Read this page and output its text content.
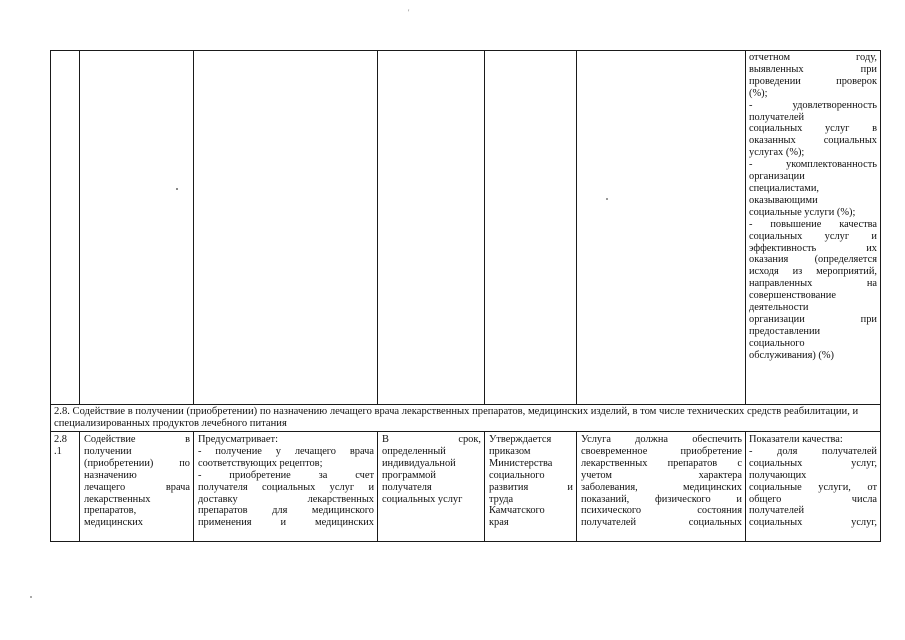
'
отчетном году,
выявленных при
проведении проверок
(%);
- удовлетворенность
получателей
социальных услуг в
оказанных социальных
услугах (%);
- укомплектованность
организации
специалистами,
оказывающими
социальные услуги (%);
- повышение качества
социальных услуг и
эффективность их
оказания (определяется
исходя из мероприятий,
направленных на
совершенствование
деятельности
организации при
предоставлении
социального
обслуживания) (%)
2.8. Содействие в получении (приобретении) по назначению лечащего врача лекарственных препаратов, медицинских изделий, в том числе технических средств реабилитации, и специализированных продуктов лечебного питания
2.8
.1
Содействие в
получении
(приобретении) по
назначению
лечащего врача
лекарственных
препаратов,
медицинских
Предусматривает:
- получение у лечащего врача
соответствующих рецептов;
- приобретение за счет
получателя социальных услуг и
доставку лекарственных
препаратов для медицинского
применения и медицинских
В срок,
определенный
индивидуальной
программой
получателя
социальных услуг
Утверждается
приказом
Министерства
социального
развития и
труда
Камчатского
края
Услуга должна обеспечить
своевременное приобретение
лекарственных препаратов с
учетом характера
заболевания, медицинских
показаний, физического и
психического состояния
получателей социальных
Показатели качества:
- доля получателей
социальных услуг,
получающих
социальные услуги, от
общего числа
получателей
социальных услуг,
